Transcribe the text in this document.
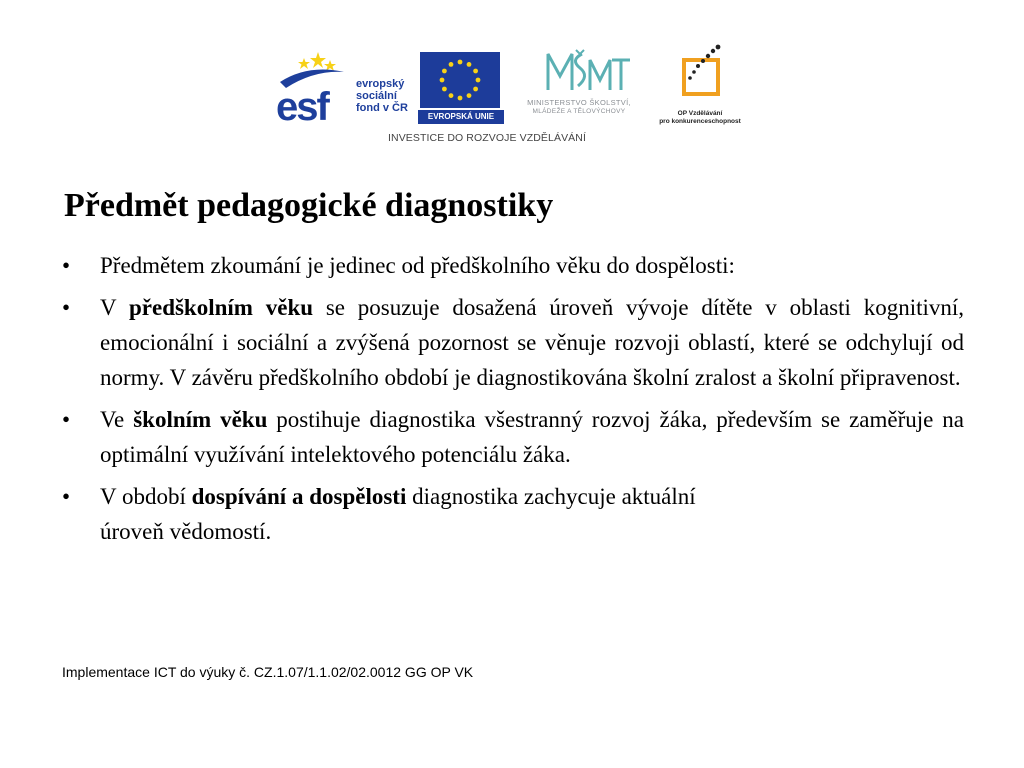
esf
evropský
sociální
fond v ČR
EVROPSKÁ UNIE
MINISTERSTVO ŠKOLSTVÍ,
MLÁDEŽE A TĚLOVÝCHOVY	OP Vzdělávání
pro konkurenceschopnost
INVESTICE DO ROZVOJE VZDĚLÁVÁNÍ
Předmět pedagogické diagnostiky
• Předmětem zkoumání je jedinec od předškolního věku do dospělosti:
• V předškolním věku se posuzuje dosažená úroveň vývoje dítěte v oblasti kognitivní, emocionální i sociální a zvýšená pozornost se věnuje rozvoji oblastí, které se odchylují od normy. V závěru předškolního období je diagnostikována školní zralost a školní připravenost.
• Ve školním věku postihuje diagnostika všestranný rozvoj žáka, především se zaměřuje na optimální využívání intelektového potenciálu žáka.
• V období dospívání a dospělosti diagnostika zachycuje aktuální
úroveň vědomostí.
Implementace ICT do výuky č. CZ.1.07/1.1.02/02.0012 GG OP VK
